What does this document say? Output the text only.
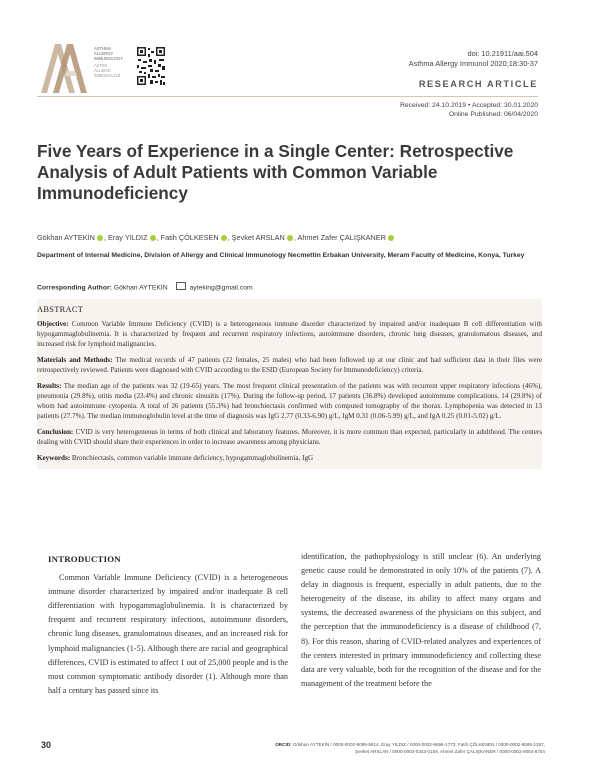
ASTHMA
ALLERGY
IMMUNOLOGY
ASTIM
ALLERJI
IMMÜNOLOJİ
doi: 10.21911/aai.504
Asthma Allergy Immunol 2020;18:30-37
RESEARCH ARTICLE
Received: 24.10.2019 • Accepted: 30.01.2020
Online Published: 06/04/2020
Five Years of Experience in a Single Center: Retrospective Analysis of Adult Patients with Common Variable Immunodeficiency
Gökhan AYTEKİN , Eray YILDIZ , Fatih ÇÖLKESEN , Şevket ARSLAN , Ahmet Zafer ÇALIŞKANER
Department of Internal Medicine, Division of Allergy and Clinical Immunology Necmettin Erbakan University, Meram Faculty of Medicine, Konya, Turkey
Corresponding Author: Gökhan AYTEKİN	ayteking@gmail.com
ABSTRACT

Objective: Common Variable Immune Deficiency (CVID) is a heterogeneous immune disorder characterized by impaired and/or inadequate B cell differentiation with hypogammaglobulinemia. It is characterized by frequent and recurrent respiratory infections, autoimmune disorders, chronic lung diseases, granulomatous diseases, and increased risk for lymphoid malignancies.

Materials and Methods: The medical records of 47 patients (22 females, 25 males) who had been followed up at our clinic and had sufficient data in their files were retrospectively reviewed. Patients were diagnosed with CVID according to the ESID (European Society for Immunodeficiency) criteria.

Results: The median age of the patients was 32 (19-65) years. The most frequent clinical presentation of the patients was with recurrent upper respiratory infections (46%), pneumonia (29.8%), otitis media (23.4%) and chronic sinusitis (17%). During the follow-up period, 17 patients (36.8%) developed autoimmune complications, 14 (29.8%) of whom had autoimmune cytopenia. A total of 26 patients (55.3%) had bronchiectasis confirmed with computed tomography of the thorax. Lymphopenia was detected in 13 patients (27.7%). The median immunoglobulin level at the time of diagnosis was IgG 2.77 (0.33-6.90) g/L, IgM 0.31 (0.06-5.99) g/L, and IgA 0.25 (0.01-5.02) g/L.

Conclusion: CVID is very heterogeneous in terms of both clinical and laboratory features. Moreover, it is more common than expected, particularly in adulthood. The centers dealing with CVID should share their experiences in order to increase awareness among physicians.

Keywords: Bronchiectasis, common variable immune deficiency, hypogammaglobulinemia, IgG

INTRODUCTION

Common Variable Immune Deficiency (CVID) is a heterogeneous immune disorder characterized by impaired and/or inadequate B cell differentiation with hypogammaglobulinemia. It is characterized by frequent and recurrent respiratory infections, autoimmune disorders, chronic lung diseases, granulomatous diseases, and an increased risk for lymphoid malignancies (1-5). Although there are racial and geographical differences, CVID is estimated to affect 1 out of 25,000 people and is the most common symptomatic antibody disorder (1). Although more than half a century has passed since its

identification, the pathophysiology is still unclear (6). An underlying genetic cause could be demonstrated in only 10% of the patients (7). A delay in diagnosis is frequent, especially in adult patients, due to the heterogeneity of the disease, its ability to affect many organs and systems, the decreased awareness of the physicians on this subject, and the perception that the immunodeficiency is a disease of childhood (7, 8). For this reason, sharing of CVID-related analyzes and experiences of the centers interested in primary immunodeficiency and collecting these data are very valuable, both for the recognition of the disease and for the management of the treatment before the

30	ORCID: Gökhan AYTEKİN / 0000-0002-9089-5914, Eray YILDIZ / 0000-0002-9596-1773, Fatih ÇÖLKESEN / 0000-0002-6595-1267,
Şevket ARSLAN / 0000-0003-0343-0159, Ahmet Zafer ÇALIŞKANER / 0000-0002-9084-8704
